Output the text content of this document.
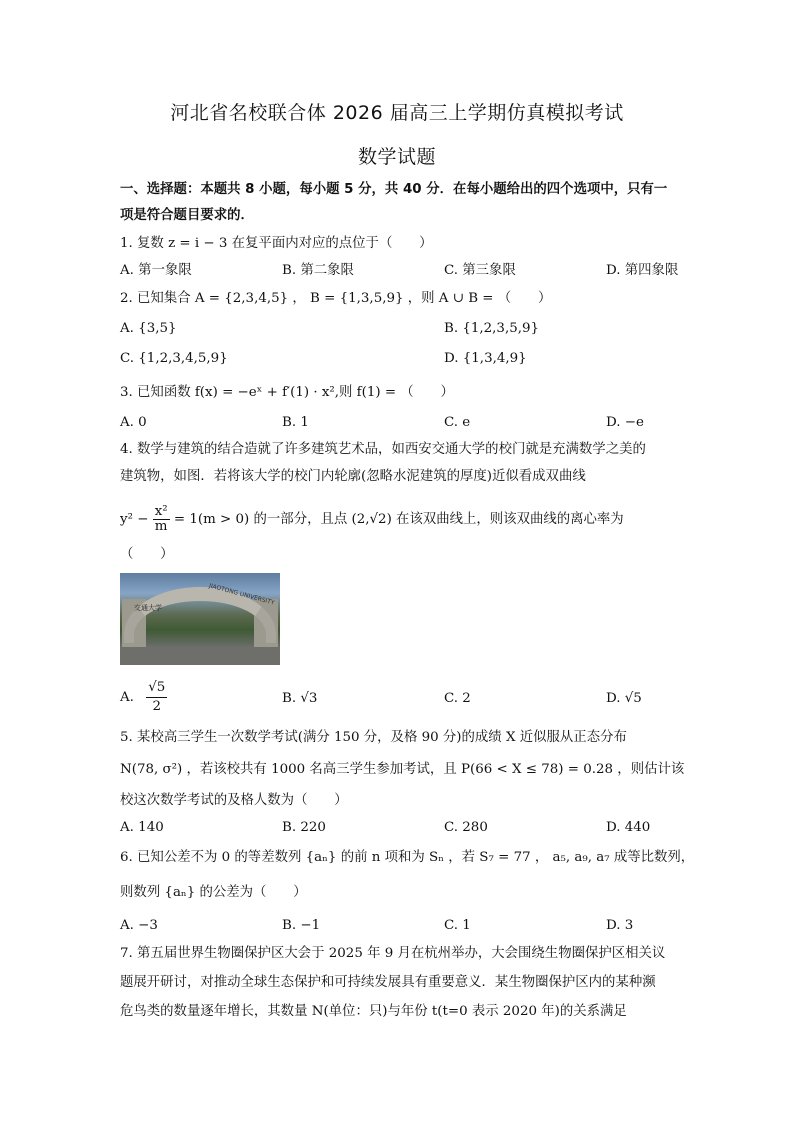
河北省名校联合体 2026 届高三上学期仿真模拟考试
数学试题
一、选择题：本题共 8 小题，每小题 5 分，共 40 分．在每小题给出的四个选项中，只有一
项是符合题目要求的．
1. 复数 z = i − 3 在复平面内对应的点位于（　　）
A. 第一象限	B. 第二象限	C. 第三象限	D. 第四象限
2. 已知集合 A = {2,3,4,5} ， B = {1,3,5,9} ，则 A ∪ B = （　　）
A. {3,5}	B. {1,2,3,5,9}
C. {1,2,3,4,5,9}	D. {1,3,4,9}
3. 已知函数 f(x) = −eˣ + f′(1) · x²,则 f(1) = （　　）
A. 0	B. 1	C. e	D. −e
4. 数学与建筑的结合造就了许多建筑艺术品，如西安交通大学的校门就是充满数学之美的
建筑物，如图．若将该大学的校门内轮廓(忽略水泥建筑的厚度)近似看成双曲线
$y^2 - \frac{\text{x²}}{m} = 1(m > 0)$ 的一部分，且点 (2,√2) 在该双曲线上，则该双曲线的离心率为
（　　）
交通大学
JIAOTONG UNIVERSITY
A. $\frac{√5}{2}$	B. √3	C. 2	D. √5
5. 某校高三学生一次数学考试(满分 150 分，及格 90 分)的成绩 X 近似服从正态分布
N(78, σ²) ，若该校共有 1000 名高三学生参加考试，且 P(66 < X ≤ 78) = 0.28 ，则估计该
校这次数学考试的及格人数为（　　）
A. 140	B. 220	C. 280	D. 440
6. 已知公差不为 0 的等差数列 {aₙ} 的前 n 项和为 Sₙ ，若 S₇ = 77 ， a₅, a₉, a₇ 成等比数列，
则数列 {aₙ} 的公差为（　　）
A. −3	B. −1	C. 1	D. 3
7. 第五届世界生物圈保护区大会于 2025 年 9 月在杭州举办，大会围绕生物圈保护区相关议
题展开研讨，对推动全球生态保护和可持续发展具有重要意义．某生物圈保护区内的某种濒
危鸟类的数量逐年增长，其数量 N(单位：只)与年份 t(t=0 表示 2020 年)的关系满足
